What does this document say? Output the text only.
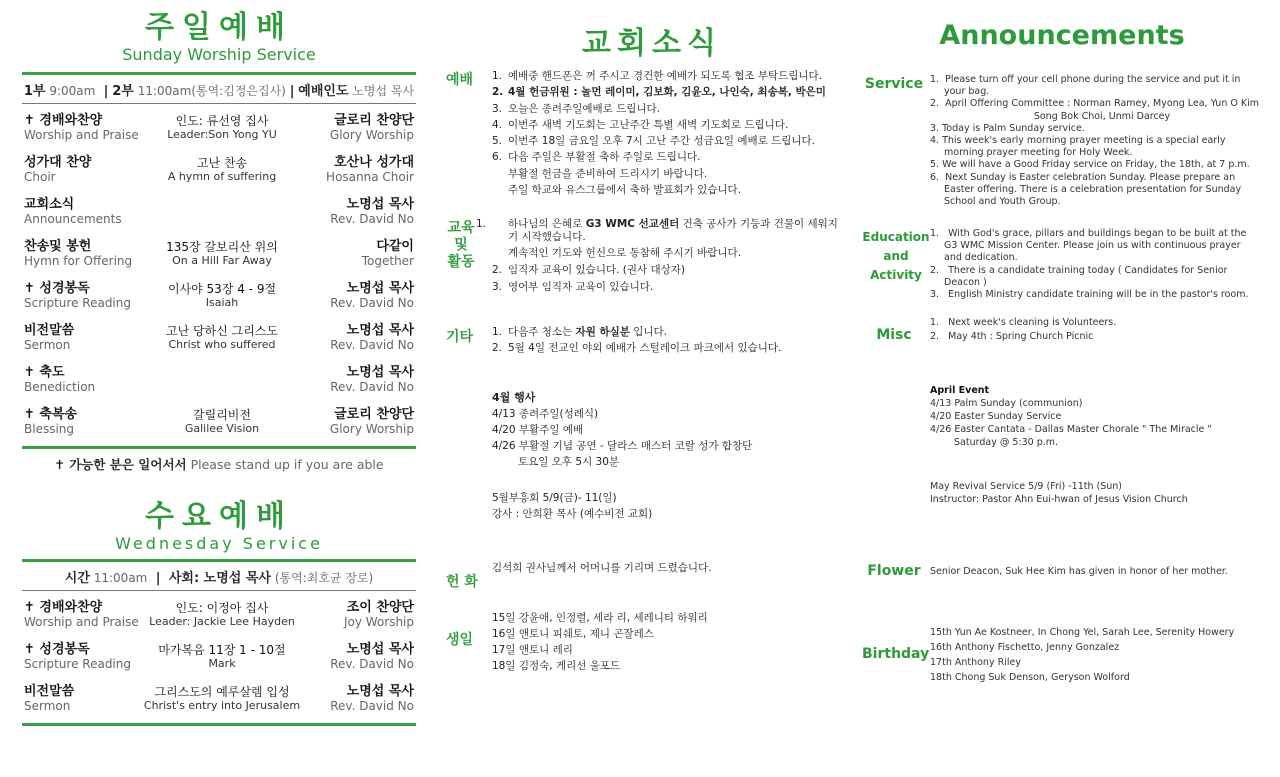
주일예배
Sunday Worship Service
1부 9:00am  | 2부 11:00am(통역:김정은집사) | 예배인도 노명섭 목사
✝ 경배와찬양
Worship and Praise
인도: 류선영 집사
Leader:Son Yong YU
글로리 찬양단
Glory Worship
성가대 찬양
Choir
고난 찬송
A hymn of suffering
호산나 성가대
Hosanna Choir
교회소식
Announcements
노명섭 목사
Rev. David No
찬송및 봉헌
Hymn for Offering
135장 갈보리산 위의
On a Hill Far Away
다같이
Together
✝ 성경봉독
Scripture Reading
이사야 53장 4 - 9절
Isaiah
노명섭 목사
Rev. David No
비전말씀
Sermon
고난 당하신 그리스도
Christ who suffered
노명섭 목사
Rev. David No
✝ 축도
Benediction
노명섭 목사
Rev. David No
✝ 축복송
Blessing
갈릴리비전
Galilee Vision
글로리 찬양단
Glory Worship
✝ 가능한 분은 일어서서 Please stand up if you are able
수요예배
Wednesday Service
시간 11:00am  |  사회: 노명섭 목사 (통역:최호균 장로)
✝ 경배와찬양
Worship and Praise
인도: 이정아 집사
Leader: Jackie Lee Hayden
조이 찬양단
Joy Worship
✝ 성경봉독
Scripture Reading
마가복음 11장 1 - 10절
Mark
노명섭 목사
Rev. David No
비전말씀
Sermon
그리스도의 예루살렘 입성
Christ's entry into Jerusalem
노명섭 목사
Rev. David No
교회소식
예배 1. 예배중 핸드폰은 꺼 주시고 경건한 예배가 되도록 협조 부탁드립니다.
2. 4월 헌금위원 : 놀먼 레이미, 김보화, 김윤오, 나인숙, 최송복, 박은미
3. 오늘은 종려주일예배로 드립니다.
4. 이번주 새벽 기도회는 고난주간 특별 새벽 기도회로 드립니다.
5. 이번주 18일 금요일 오후 7시 고난 주간 성금요일 예배로 드립니다.
6. 다음 주일은 부활절 축하 주일로 드립니다.
부활절 헌금을 준비하여 드리시기 바랍니다.
주일 학교와 유스그룹에서 축하 발표회가 있습니다.
교육
및
활동
1. 하나님의 은혜로 G3 WMC 선교센터 건축 공사가 기둥과 건물이 세워지기 시작했습니다.
계속적인 기도와 헌신으로 동참해 주시기 바랍니다.
2. 임직자 교육이 있습니다. (권사 대상자)
3. 영어부 임직자 교육이 있습니다.
기타 1. 다음주 청소는 자원 하실분 입니다.
2. 5월 4일 전교인 야외 예배가 스털레이크 파크에서 있습니다.
4월 행사
4/13 종려주일(성례식)
4/20 부활주일 예배
4/26 부활절 기념 공연 - 달라스 매스터 코랄 성가 합창단
토요일 오후 5시 30분
5월부흥회 5/9(금)- 11(일)
강사 : 안희환 목사 (예수비전 교회)
헌 화
김석희 권사님께서 어머니를 기리며 드렸습니다.
생일
15일 강윤애, 인정렬, 세라 리, 세레니티 하워리
16일 앤토니 피쉐토, 제니 곤잘레스
17일 앤토니 레리
18일 김정숙, 게리선 울포드
Announcements
Service 1.  Please turn off your cell phone during the service and put it in your bag.
2.  April Offering Committee : Norman Ramey, Myong Lea, Yun O Kim
Song Bok Choi, Unmi Darcey
3. Today is Palm Sunday service.
4. This week's early morning prayer meeting is a special early morning prayer meeting for Holy Week.
5. We will have a Good Friday service on Friday, the 18th, at 7 p.m.
6.  Next Sunday is Easter celebration Sunday. Please prepare an Easter offering. There is a celebration presentation for Sunday School and Youth Group.
Education
and
Activity
1.   With God's grace, pillars and buildings began to be built at the G3 WMC Mission Center. Please join us with continuous prayer and dedication.
2.   There is a candidate training today ( Candidates for Senior Deacon )
3.   English Ministry candidate training will be in the pastor's room.
Misc
1.   Next week's cleaning is Volunteers.
2.   May 4th : Spring Church Picnic
April Event
4/13 Palm Sunday (communion)
4/20 Easter Sunday Service
4/26 Easter Cantata - Dallas Master Chorale " The Miracle "
Saturday @ 5:30 p.m.
May Revival Service 5/9 (Fri) -11th (Sun)
Instructor: Pastor Ahn Eui-hwan of Jesus Vision Church
Flower Senior Deacon, Suk Hee Kim has given in honor of her mother.
Birthday
15th Yun Ae Kostneer, In Chong Yel, Sarah Lee, Serenity Howery
16th Anthony Fischetto, Jenny Gonzalez
17th Anthony Riley
18th Chong Suk Denson, Geryson Wolford
